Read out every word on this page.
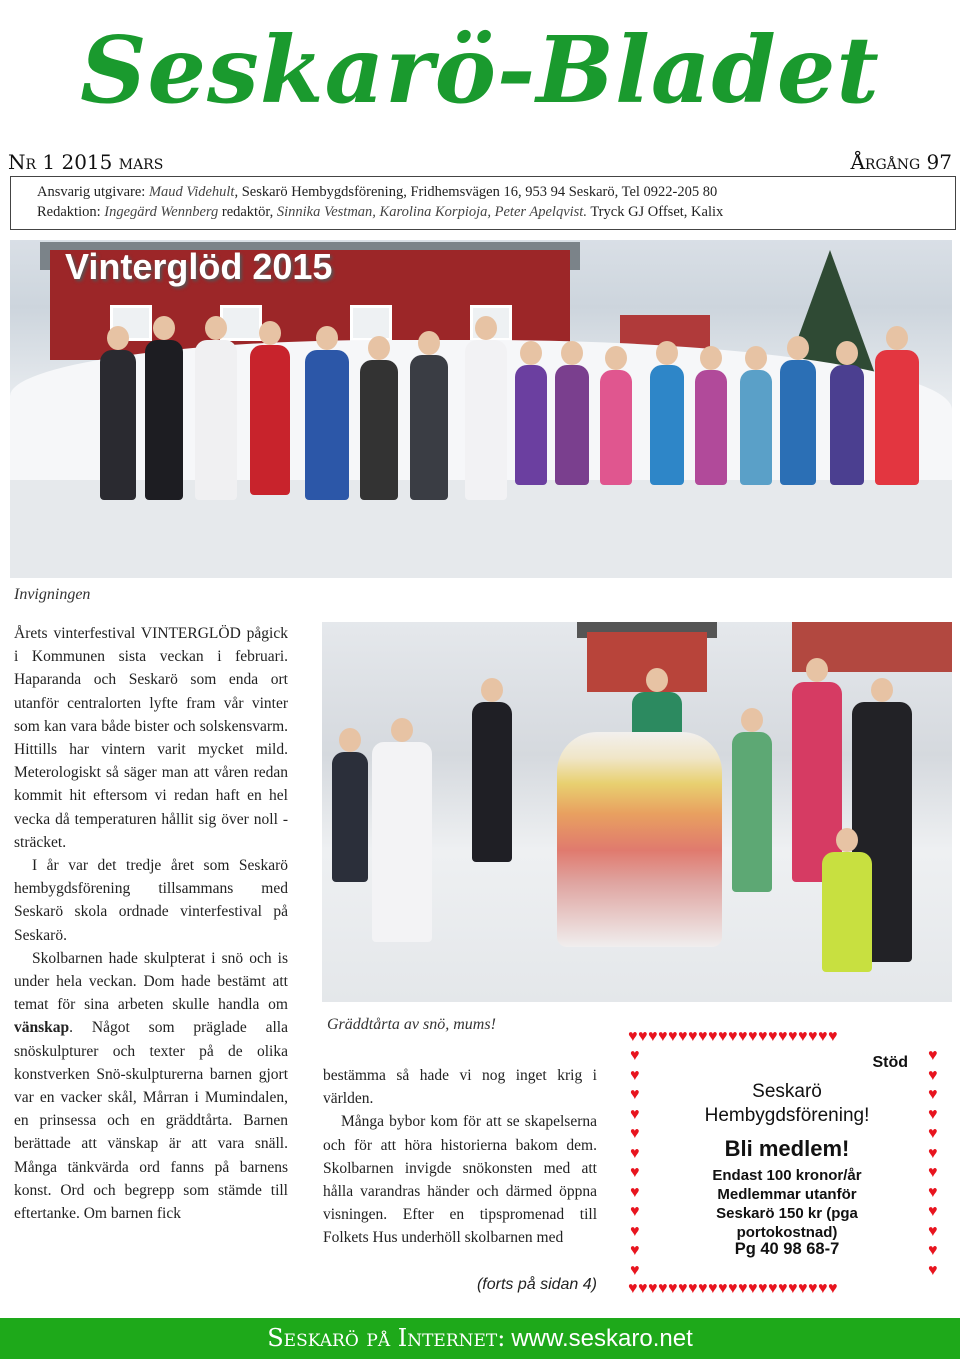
Seskarö-Bladet
Nr 1 2015 mars	Årgång 97
Ansvarig utgivare: Maud Videhult, Seskarö Hembygdsförening, Fridhemsvägen 16, 953 94 Seskarö, Tel 0922-205 80
Redaktion: Ingegärd Wennberg redaktör, Sinnika Vestman, Karolina Korpioja, Peter Apelqvist. Tryck GJ Offset, Kalix
Vinterglöd 2015
Invigningen

Årets vinterfestival VINTERGLÖD pågick i Kommunen sista veckan i februari. Haparanda och Seskarö som enda ort utanför centralorten lyfte fram vår vinter som kan vara både bister och solskensvarm. Hittills har vintern varit mycket mild. Meterologiskt så säger man att våren redan kommit hit eftersom vi redan haft en hel vecka då temperaturen hållit sig över noll - sträcket.

I år var det tredje året som Seskarö hembygdsförening tillsammans med Seskarö skola ordnade vinterfestival på Seskarö.

Skolbarnen hade skulpterat i snö och is under hela veckan. Dom hade bestämt att temat för sina arbeten skulle handla om vänskap. Något som präglade alla snöskulpturer och texter på de olika konstverken Snö-skulpturerna barnen gjort var en vacker skål, Mårran i Mumindalen, en prinsessa och en gräddtårta. Barnen berättade att vänskap är att vara snäll. Många tänkvärda ord fanns på barnens konst. Ord och begrepp som stämde till eftertanke. Om barnen fick

Gräddtårta av snö, mums!

bestämma så hade vi nog inget krig i världen.

Många bybor kom för att se skapelserna och för att höra historierna bakom dem. Skolbarnen invigde snökonsten med att hålla varandras händer och därmed öppna visningen. Efter en tipspromenad till Folkets Hus underhöll skolbarnen med

(forts på sidan 4)
♥♥♥♥♥♥♥♥♥♥♥♥♥♥♥♥♥♥♥♥♥
♥♥♥♥♥♥♥♥♥♥♥♥♥♥♥♥♥♥♥♥♥
♥
♥
♥
♥
♥
♥
♥
♥
♥
♥
♥
♥
♥
♥
♥
♥
♥
♥
♥
♥
♥
♥
♥
♥
Stöd
Seskarö
Hembygdsförening!
Bli medlem!
Endast 100 kronor/år
Medlemmar utanför
Seskarö 150 kr (pga
portokostnad)
Pg 40 98 68-7
Seskarö på Internet: www.seskaro.net
